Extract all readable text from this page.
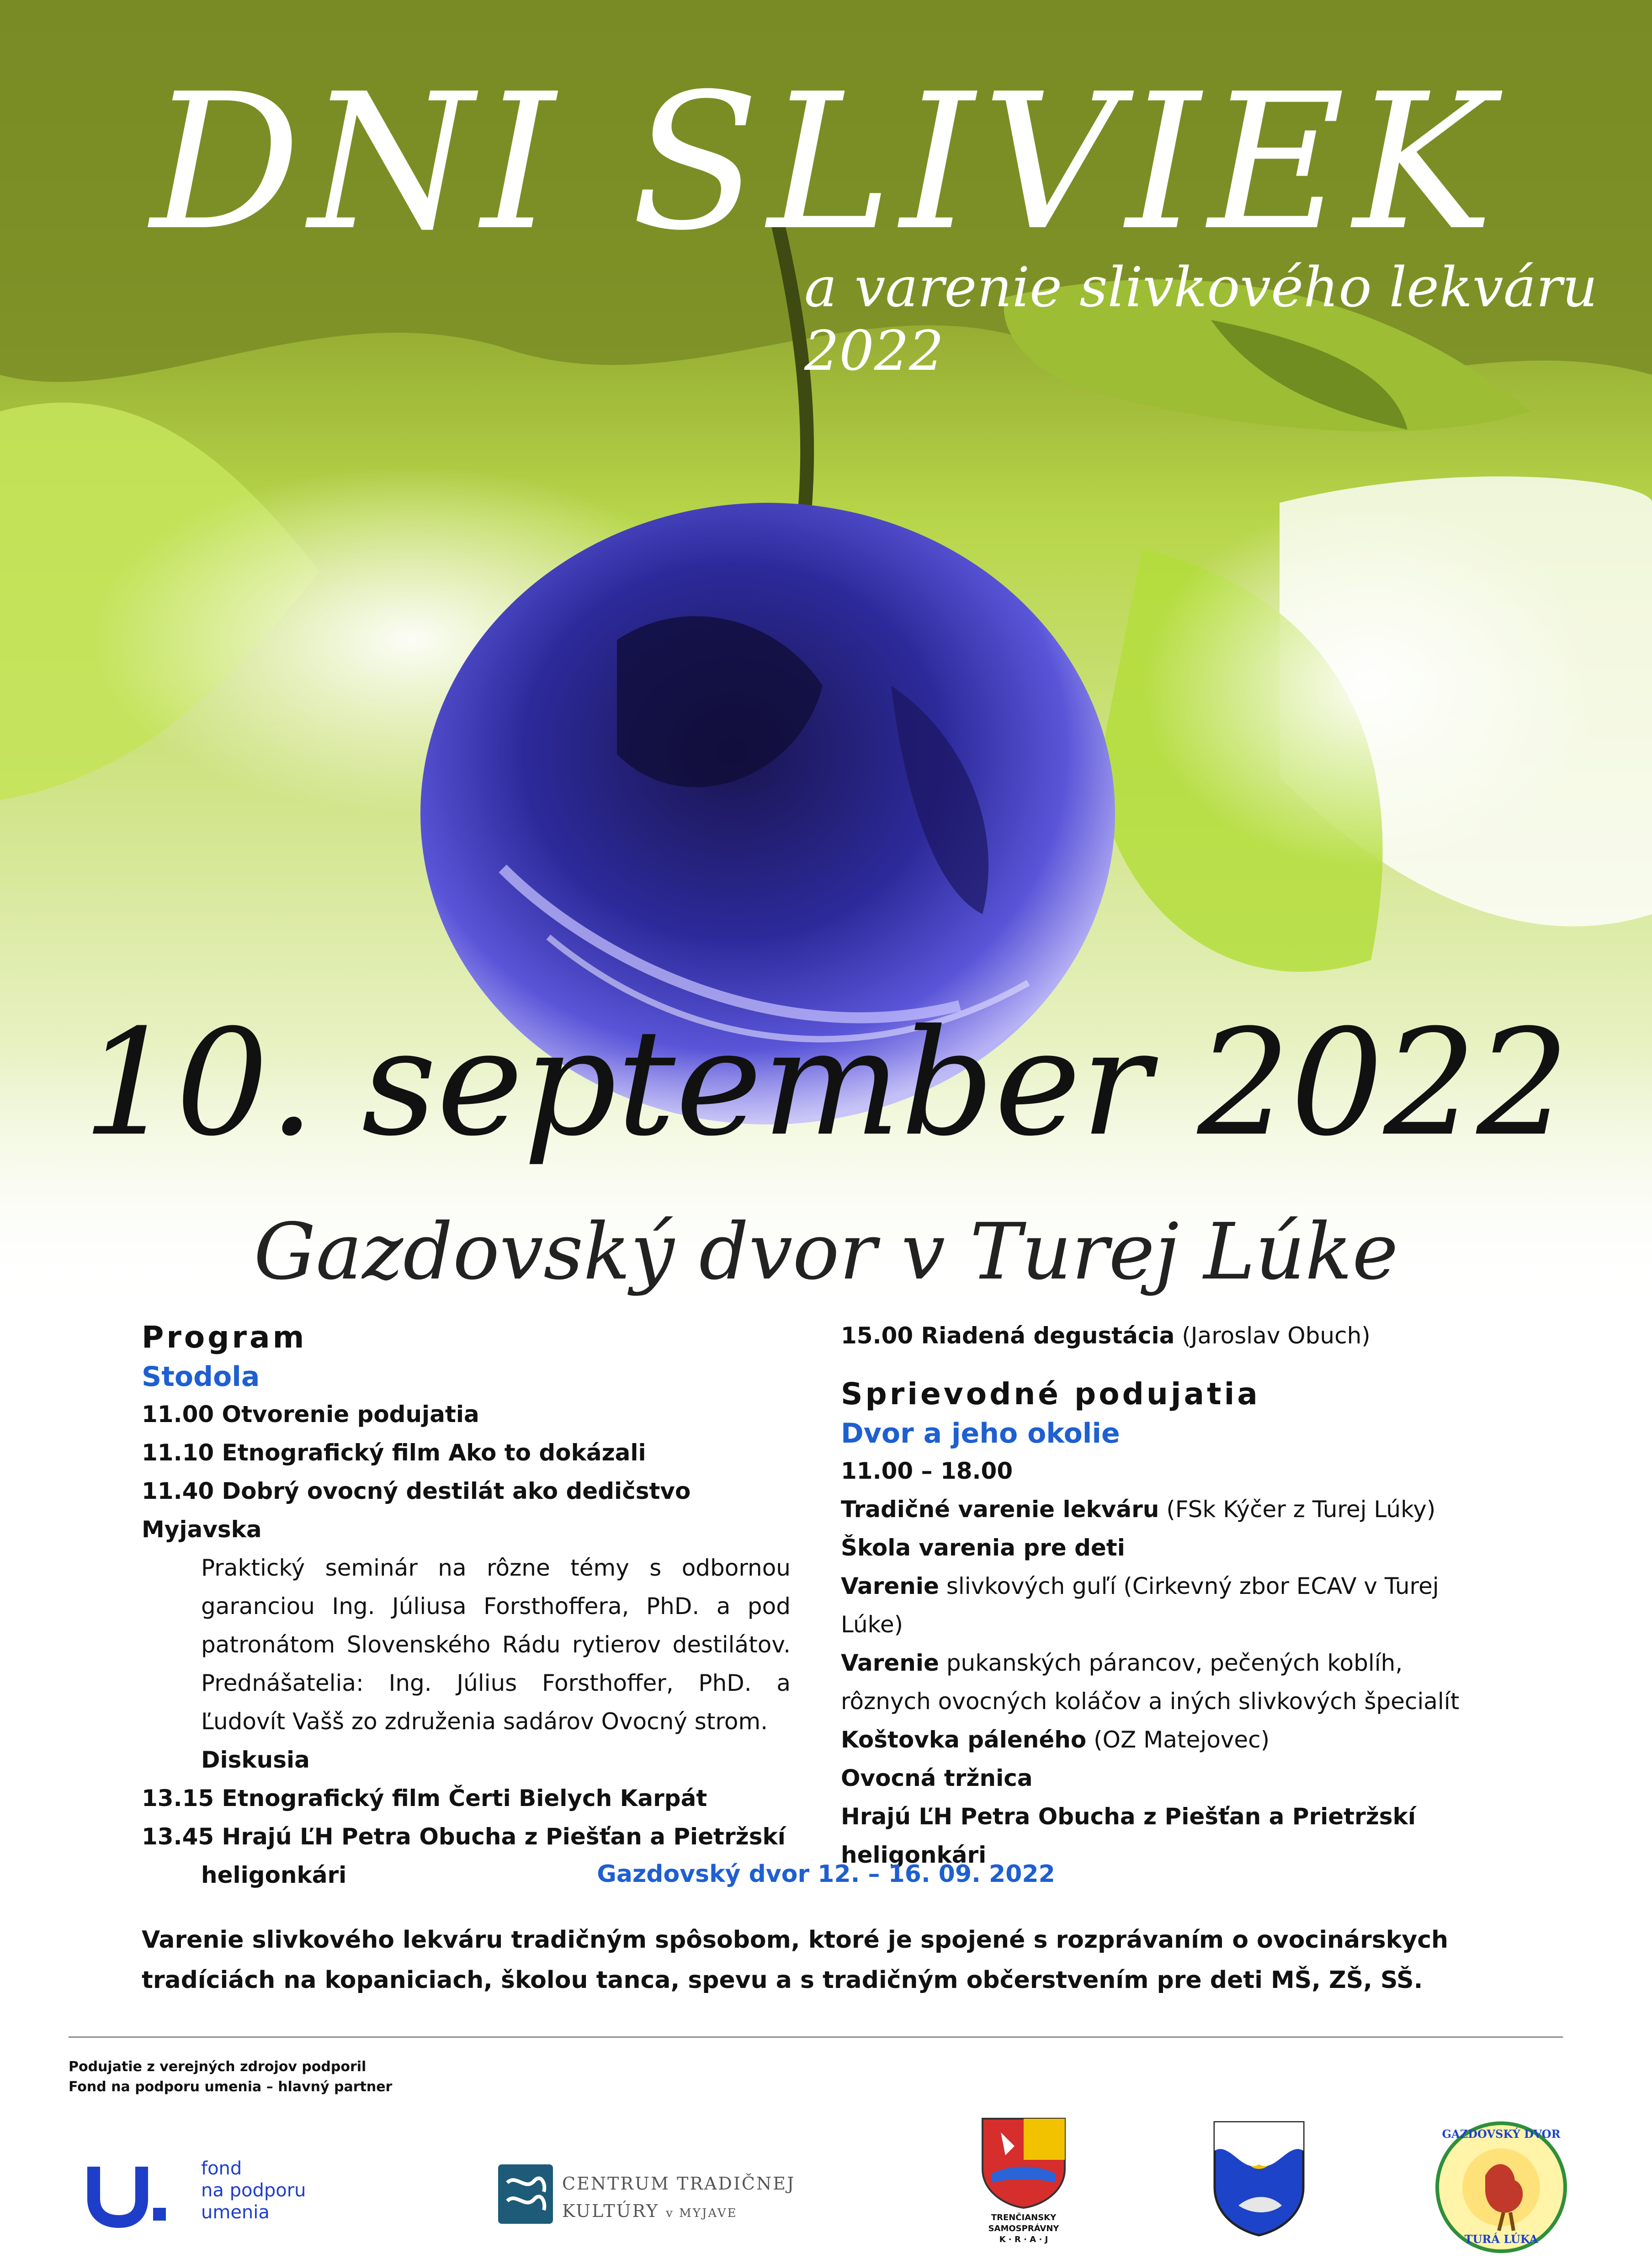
DNI SLIVIEK
a varenie slivkového lekváru 2022
10. september 2022
Gazdovský dvor v Turej Lúke
Program
Stodola
11.00 Otvorenie podujatia
11.10 Etnografický film Ako to dokázali
11.40 Dobrý ovocný destilát ako dedičstvo Myjavska
Praktický seminár na rôzne témy s odbornou garanciou Ing. Júliusa Forsthoffera, PhD. a pod patronátom Slovenského Rádu rytierov destilátov. Prednášatelia: Ing. Július Forsthoffer, PhD. a Ľudovít Vašš zo združenia sadárov Ovocný strom.
Diskusia
13.15 Etnografický film Čerti Bielych Karpát
13.45 Hrajú ĽH Petra Obucha z Piešťan a Pietržskí
heligonkári
15.00 Riadená degustácia (Jaroslav Obuch)
Sprievodné podujatia
Dvor a jeho okolie
11.00 – 18.00
Tradičné varenie lekváru (FSk Kýčer z Turej Lúky)
Škola varenia pre deti
Varenie slivkových guľí (Cirkevný zbor ECAV v Turej Lúke)
Varenie pukanských párancov, pečených koblíh, rôznych ovocných koláčov a iných slivkových špecialít
Koštovka páleného (OZ Matejovec)
Ovocná tržnica
Hrajú ĽH Petra Obucha z Piešťan a Prietržskí heligonkári
Gazdovský dvor 12. – 16. 09. 2022
Varenie slivkového lekváru tradičným spôsobom, ktoré je spojené s rozprávaním o ovocinárskych tradíciách na kopaniciach, školou tanca, spevu a s tradičným občerstvením pre deti MŠ, ZŠ, SŠ.
Podujatie z verejných zdrojov podporil
Fond na podporu umenia – hlavný partner
fond
na podporu
umenia
CENTRUM TRADIČNEJ
KULTÚRY v MYJAVE	TRENČIANSKY
SAMOSPRÁVNY
K · R · A · J
GAZDOVSKÝ DVOR
TURÁ LÚKA
